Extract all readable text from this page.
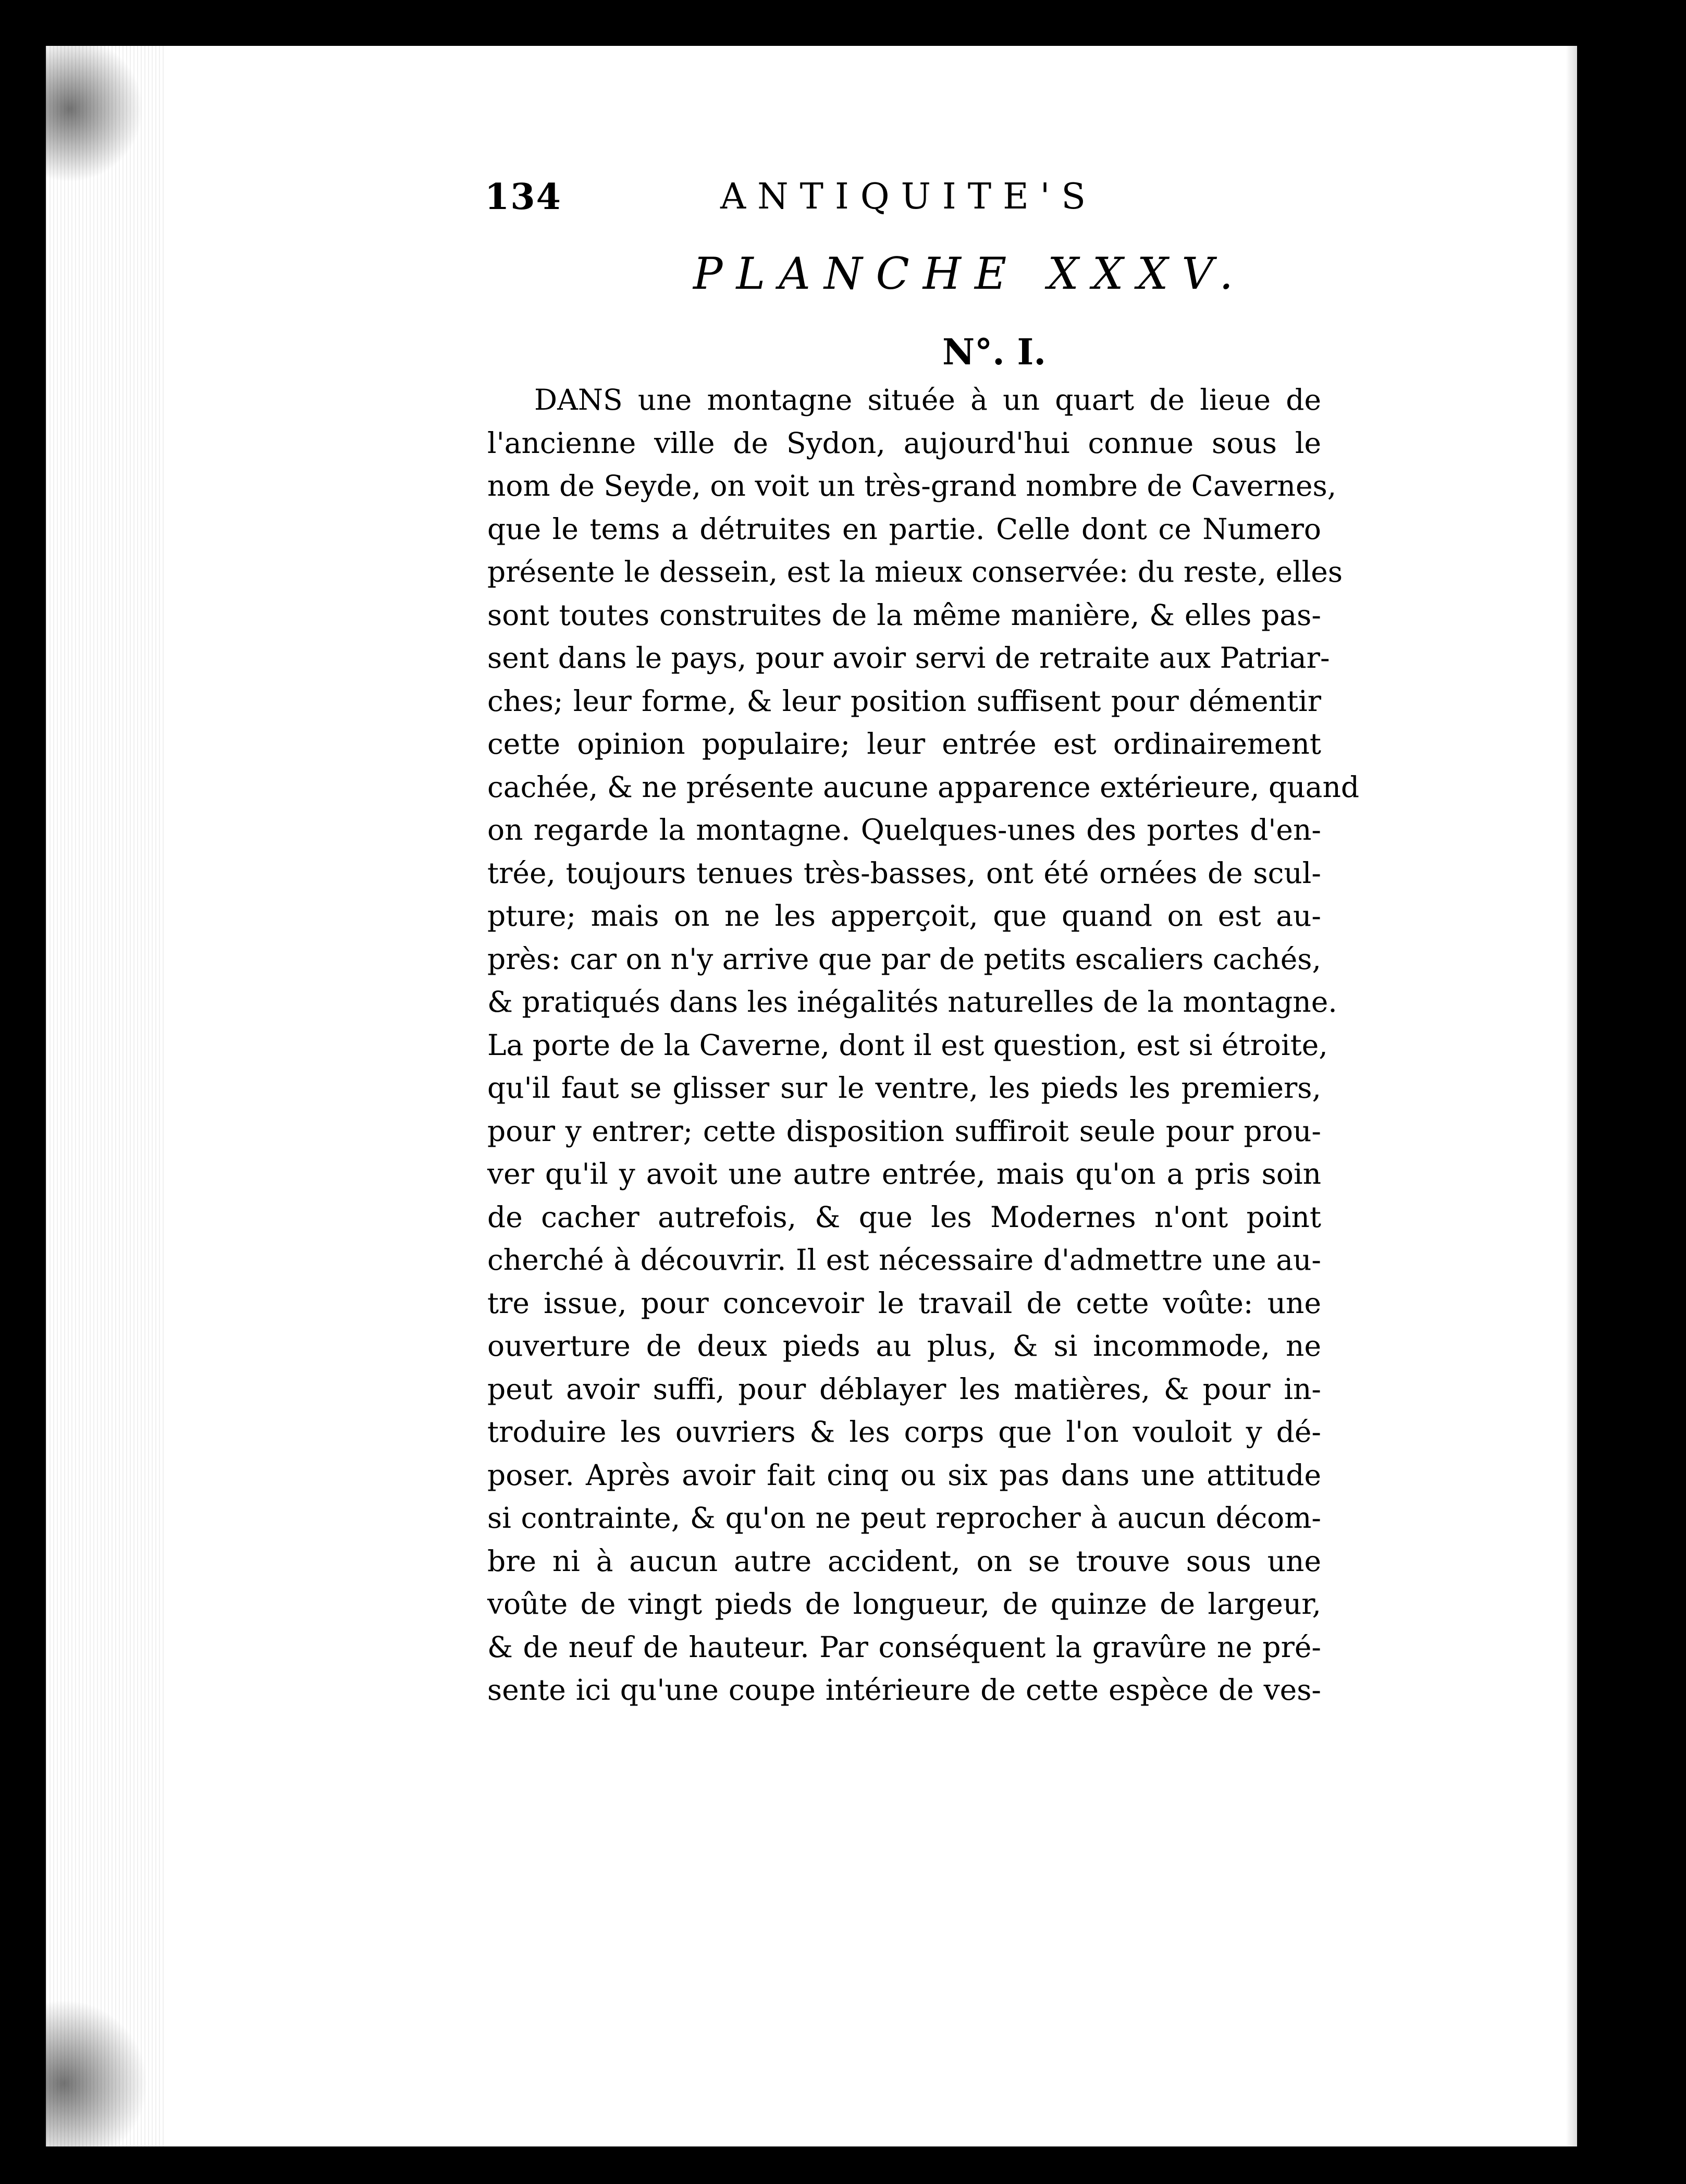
134	ANTIQUITE'S
PLANCHE XXXV.
N°. I.
DANS une montagne située à un quart de lieue de
l'ancienne ville de Sydon, aujourd'hui connue sous le
nom de Seyde, on voit un très-grand nombre de Cavernes,
que le tems a détruites en partie. Celle dont ce Numero
présente le dessein, est la mieux conservée: du reste, elles
sont toutes construites de la même manière, & elles pas-
sent dans le pays, pour avoir servi de retraite aux Patriar-
ches; leur forme, & leur position suffisent pour démentir
cette opinion populaire; leur entrée est ordinairement
cachée, & ne présente aucune apparence extérieure, quand
on regarde la montagne. Quelques-unes des portes d'en-
trée, toujours tenues très-basses, ont été ornées de scul-
pture; mais on ne les apperçoit, que quand on est au-
près: car on n'y arrive que par de petits escaliers cachés,
& pratiqués dans les inégalités naturelles de la montagne.
La porte de la Caverne, dont il est question, est si étroite,
qu'il faut se glisser sur le ventre, les pieds les premiers,
pour y entrer; cette disposition suffiroit seule pour prou-
ver qu'il y avoit une autre entrée, mais qu'on a pris soin
de cacher autrefois, & que les Modernes n'ont point
cherché à découvrir. Il est nécessaire d'admettre une au-
tre issue, pour concevoir le travail de cette voûte: une
ouverture de deux pieds au plus, & si incommode, ne
peut avoir suffi, pour déblayer les matières, & pour in-
troduire les ouvriers & les corps que l'on vouloit y dé-
poser. Après avoir fait cinq ou six pas dans une attitude
si contrainte, & qu'on ne peut reprocher à aucun décom-
bre ni à aucun autre accident, on se trouve sous une
voûte de vingt pieds de longueur, de quinze de largeur,
& de neuf de hauteur. Par conséquent la gravûre ne pré-
sente ici qu'une coupe intérieure de cette espèce de ves-
